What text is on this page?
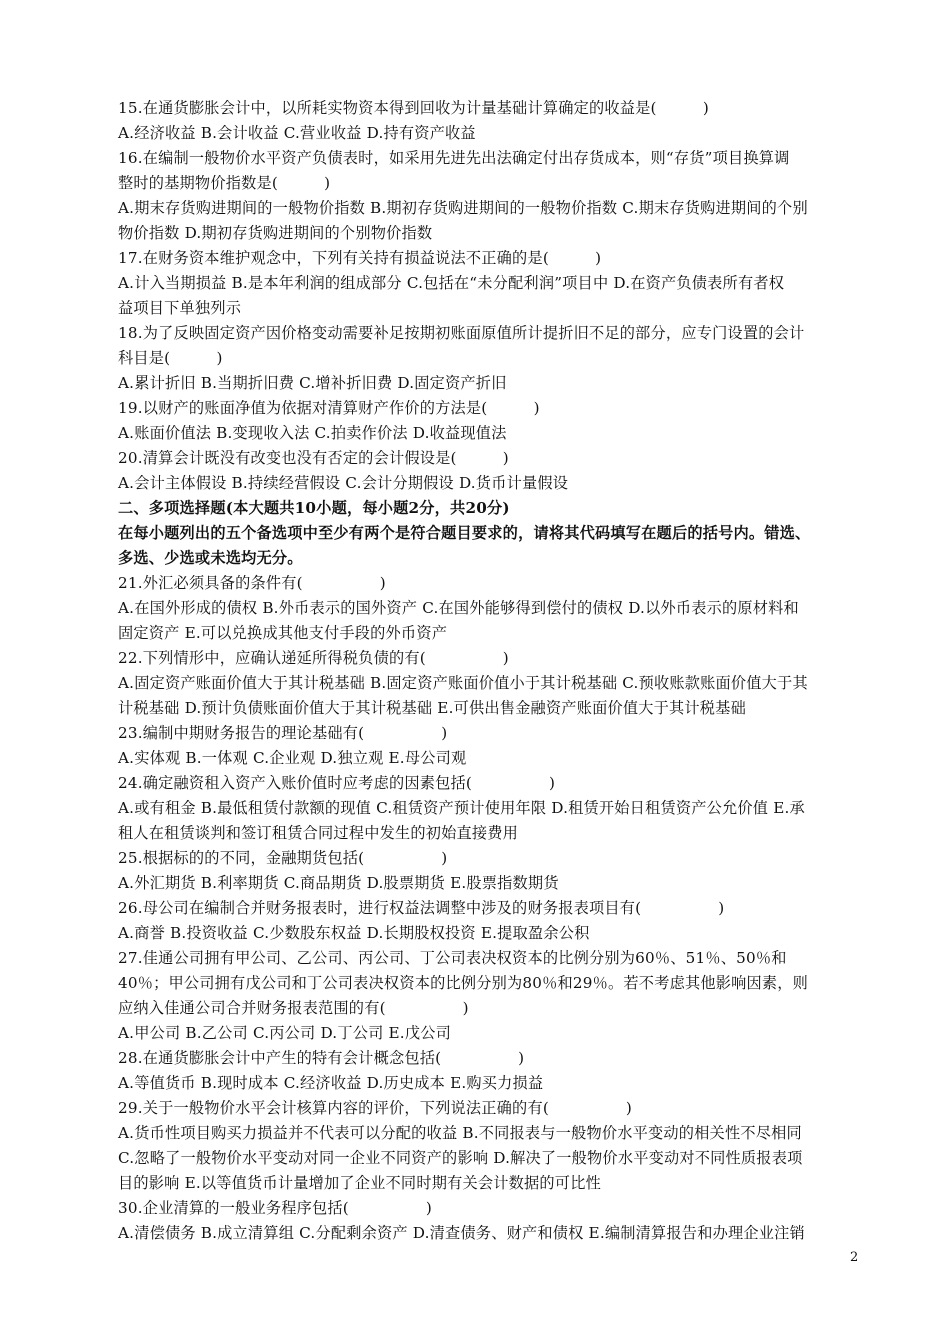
15.在通货膨胀会计中，以所耗实物资本得到回收为计量基础计算确定的收益是(　　　)
A.经济收益 B.会计收益 C.营业收益 D.持有资产收益
16.在编制一般物价水平资产负债表时，如采用先进先出法确定付出存货成本，则“存货”项目换算调
整时的基期物价指数是(　　　)
A.期末存货购进期间的一般物价指数 B.期初存货购进期间的一般物价指数 C.期末存货购进期间的个别
物价指数 D.期初存货购进期间的个别物价指数
17.在财务资本维护观念中，下列有关持有损益说法不正确的是(　　　)
A.计入当期损益 B.是本年利润的组成部分 C.包括在“未分配利润”项目中 D.在资产负债表所有者权
益项目下单独列示
18.为了反映固定资产因价格变动需要补足按期初账面原值所计提折旧不足的部分，应专门设置的会计
科目是(　　　)
A.累计折旧 B.当期折旧费 C.增补折旧费 D.固定资产折旧
19.以财产的账面净值为依据对清算财产作价的方法是(　　　)
A.账面价值法 B.变现收入法 C.拍卖作价法 D.收益现值法
20.清算会计既没有改变也没有否定的会计假设是(　　　)
A.会计主体假设 B.持续经营假设 C.会计分期假设 D.货币计量假设
二、多项选择题(本大题共10小题，每小题2分，共20分)
在每小题列出的五个备选项中至少有两个是符合题目要求的，请将其代码填写在题后的括号内。错选、
多选、少选或未选均无分。
21.外汇必须具备的条件有(　　　　　)
A.在国外形成的债权 B.外币表示的国外资产 C.在国外能够得到偿付的债权 D.以外币表示的原材料和
固定资产 E.可以兑换成其他支付手段的外币资产
22.下列情形中，应确认递延所得税负债的有(　　　　　)
A.固定资产账面价值大于其计税基础 B.固定资产账面价值小于其计税基础 C.预收账款账面价值大于其
计税基础 D.预计负债账面价值大于其计税基础 E.可供出售金融资产账面价值大于其计税基础
23.编制中期财务报告的理论基础有(　　　　　)
A.实体观 B.一体观 C.企业观 D.独立观 E.母公司观
24.确定融资租入资产入账价值时应考虑的因素包括(　　　　　)
A.或有租金 B.最低租赁付款额的现值 C.租赁资产预计使用年限 D.租赁开始日租赁资产公允价值 E.承
租人在租赁谈判和签订租赁合同过程中发生的初始直接费用
25.根据标的的不同，金融期货包括(　　　　　)
A.外汇期货 B.利率期货 C.商品期货 D.股票期货 E.股票指数期货
26.母公司在编制合并财务报表时，进行权益法调整中涉及的财务报表项目有(　　　　　)
A.商誉 B.投资收益 C.少数股东权益 D.长期股权投资 E.提取盈余公积
27.佳通公司拥有甲公司、乙公司、丙公司、丁公司表决权资本的比例分别为60％、51％、50％和
40％；甲公司拥有戊公司和丁公司表决权资本的比例分别为80％和29％。若不考虑其他影响因素，则
应纳入佳通公司合并财务报表范围的有(　　　　　)
A.甲公司 B.乙公司 C.丙公司 D.丁公司 E.戊公司
28.在通货膨胀会计中产生的特有会计概念包括(　　　　　)
A.等值货币 B.现时成本 C.经济收益 D.历史成本 E.购买力损益
29.关于一般物价水平会计核算内容的评价，下列说法正确的有(　　　　　)
A.货币性项目购买力损益并不代表可以分配的收益 B.不同报表与一般物价水平变动的相关性不尽相同
C.忽略了一般物价水平变动对同一企业不同资产的影响 D.解决了一般物价水平变动对不同性质报表项
目的影响 E.以等值货币计量增加了企业不同时期有关会计数据的可比性
30.企业清算的一般业务程序包括(　　　　　)
A.清偿债务 B.成立清算组 C.分配剩余资产 D.清查债务、财产和债权 E.编制清算报告和办理企业注销
2
